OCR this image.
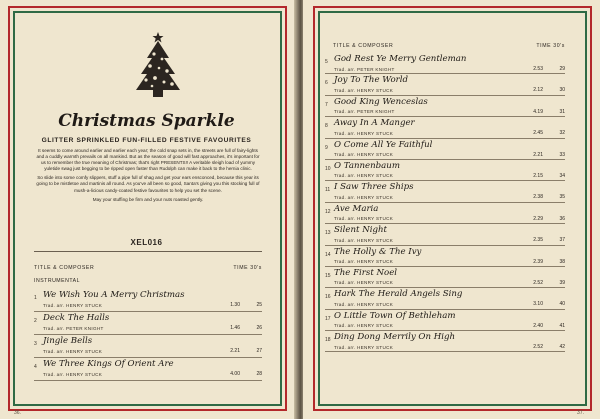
Christmas Sparkle
GLITTER SPRINKLED FUN-FILLED FESTIVE FAVOURITES

It seems to come around earlier and earlier each year; the cold snap sets in, the streets are full of fairy-lights and a cuddly warmth prevails on all mankind. But as the season of good will fast approaches, it's important for us to remember the true meaning of Christmas; that's right PRESENTS!! A veritable sleigh load of yummy yuletide swag just begging to be ripped open faster than Rudolph can make it back to the hernia clinic.

So slide into some comfy slippers, stuff a pipe full of shag and get your ears ensconced, because this year its going to be mistletoe and martinis all round. As you've all been so good, Santa's giving you this stocking full of mush-a-licious candy-coated festive favourites to help you set the scene.

May your stuffing be firm and your nuts roasted gently.

XEL016
TITLE & COMPOSER	TIME 30's
INSTRUMENTAL
1 We Wish You A Merry Christmas
Trad. arr. HENRY STUCK	1.30	25
2 Deck The Halls
Trad. arr. PETER KNIGHT	1.46	26
3 Jingle Bells
Trad. arr. HENRY STUCK	2.21	27
4 We Three Kings Of Orient Are
Trad. arr. HENRY STUCK	4.00	28
36.
TITLE & COMPOSER	TIME 30's
5 God Rest Ye Merry Gentleman
Trad. arr. PETER KNIGHT	2.53	29
6 Joy To The World
Trad. arr. HENRY STUCK	2.12	30
7 Good King Wenceslas
Trad. arr. PETER KNIGHT	4.19	31
8 Away In A Manger
Trad. arr. HENRY STUCK	2.45	32
9 O Come All Ye Faithful
Trad. arr. HENRY STUCK	2.21	33
10 O Tannenbaum
Trad. arr. HENRY STUCK	2.15	34
11 I Saw Three Ships
Trad. arr. HENRY STUCK	2.38	35
12 Ave Maria
Trad. arr. HENRY STUCK	2.29	36
13 Silent Night
Trad. arr. HENRY STUCK	2.35	37
14 The Holly & The Ivy
Trad. arr. HENRY STUCK	2.39	38
15 The First Noel
Trad. arr. HENRY STUCK	2.52	39
16 Hark The Herald Angels Sing
Trad. arr. HENRY STUCK	3.10	40
17 O Little Town Of Bethleham
Trad. arr. HENRY STUCK	2.40	41
18 Ding Dong Merrily On High
Trad. arr. HENRY STUCK	2.52	42
37.
